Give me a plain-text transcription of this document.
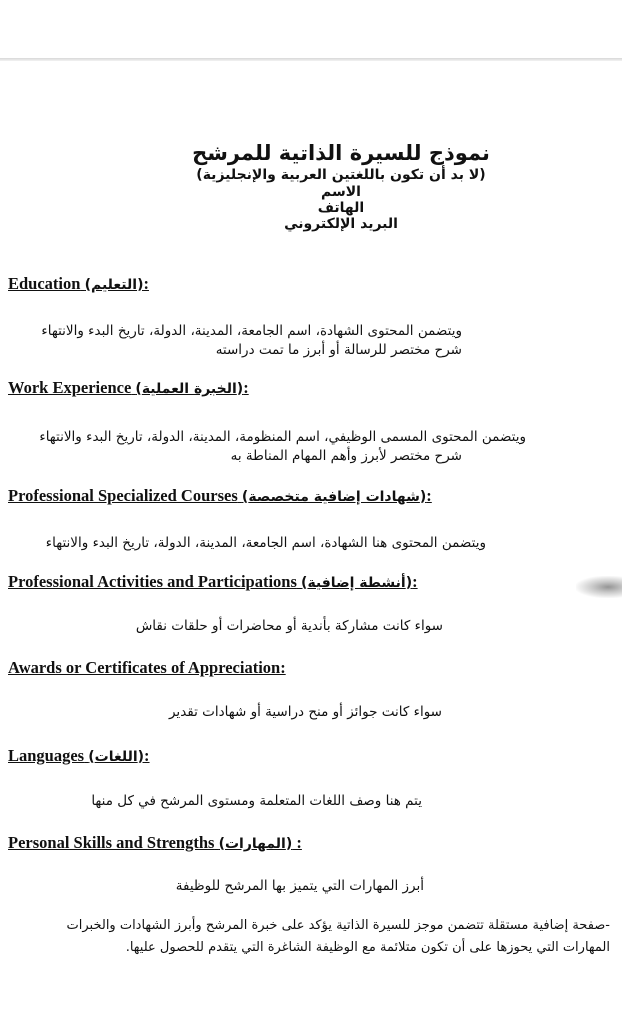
نموذج للسيرة الذاتية للمرشح
(لا بد أن تكون باللغتين العربية والإنجليزية)
الاسم
الهاتف
البريد الإلكتروني
Education (التعليم):

ويتضمن المحتوى الشهادة، اسم الجامعة، المدينة، الدولة، تاريخ البدء والانتهاء

شرح مختصر للرسالة أو أبرز ما تمت دراسته

Work Experience (الخبرة العملية):

ويتضمن المحتوى المسمى الوظيفي، اسم المنظومة، المدينة، الدولة، تاريخ البدء والانتهاء

شرح مختصر لأبرز وأهم المهام المناطة به

Professional Specialized Courses (شهادات إضافية متخصصة):

ويتضمن المحتوى هنا الشهادة، اسم الجامعة، المدينة، الدولة، تاريخ البدء والانتهاء

Professional Activities and Participations (أنشطة إضافية):

سواء كانت مشاركة بأندية أو محاضرات أو حلقات نقاش

Awards or Certificates of Appreciation:

سواء كانت جوائز أو منح دراسية أو شهادات تقدير

Languages (اللغات):

يتم هنا وصف اللغات المتعلمة ومستوى المرشح في كل منها

Personal Skills and Strengths (المهارات) :

أبرز المهارات التي يتميز بها المرشح للوظيفة

-صفحة إضافية مستقلة تتضمن موجز للسيرة الذاتية يؤكد على خبرة المرشح وأبرز الشهادات والخبرات
المهارات التي يحوزها على أن تكون متلائمة مع الوظيفة الشاغرة التي يتقدم للحصول عليها.
